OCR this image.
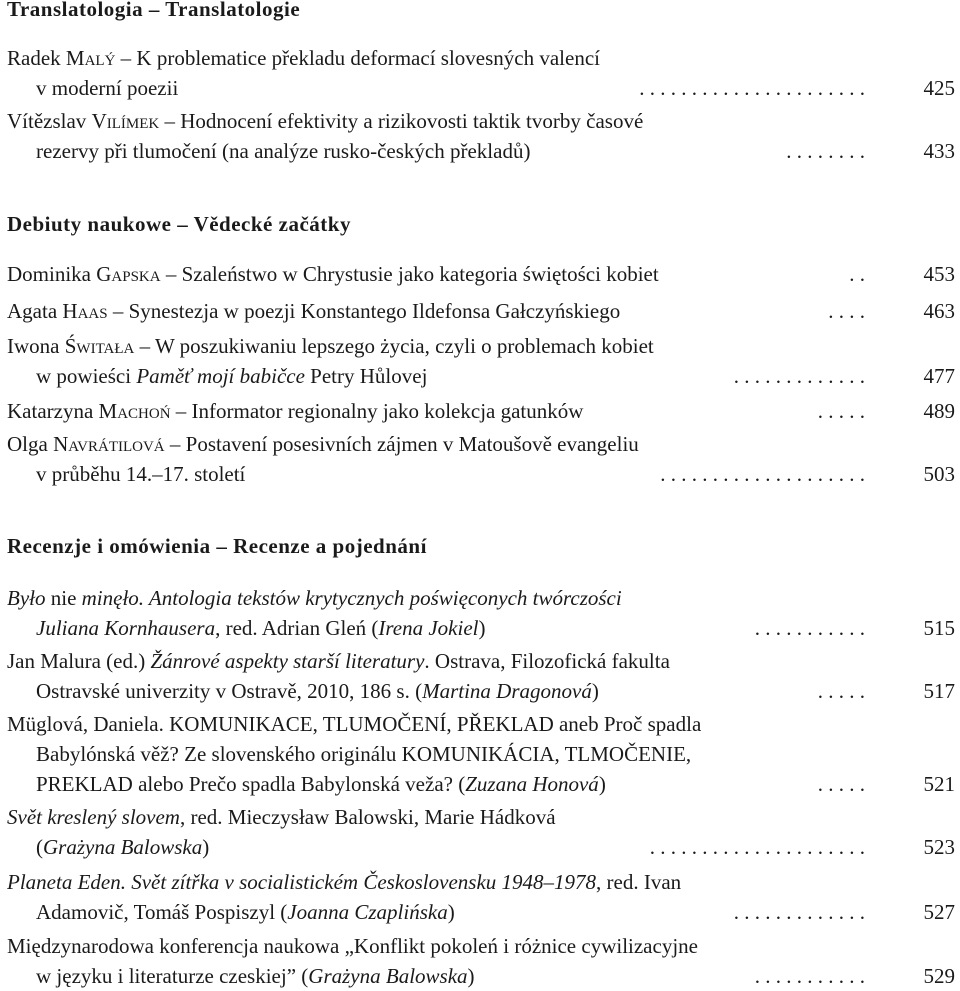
Translatologia – Translatologie
Radek Malý – K problematice překladu deformací slovesných valencí
v moderní poezii	. . . . . . . . . . . . . . . . . . . . . .	425
Vítězslav Vilímek – Hodnocení efektivity a rizikovosti taktik tvorby časové
rezervy při tlumočení (na analýze rusko-českých překladů)	. . . . . . . .	433
Debiuty naukowe – Vědecké začátky
Dominika Gapska – Szaleństwo w Chrystusie jako kategoria świętości kobiet	. .	453
Agata Haas – Synestezja w poezji Konstantego Ildefonsa Gałczyńskiego	. . . .	463
Iwona Świtała – W poszukiwaniu lepszego życia, czyli o problemach kobiet
w powieści Paměť mojí babičce Petry Hůlovej	. . . . . . . . . . . . .	477
Katarzyna Machoń – Informator regionalny jako kolekcja gatunków	. . . . .	489
Olga Navrátilová – Postavení posesivních zájmen v Matoušově evangeliu
v průběhu 14.–17. století	. . . . . . . . . . . . . . . . . . . .	503
Recenzje i omówienia – Recenze a pojednání
Było nie minęło. Antologia tekstów krytycznych poświęconych twórczości
Juliana Kornhausera, red. Adrian Gleń (Irena Jokiel)	. . . . . . . . . . .	515
Jan Malura (ed.) Žánrové aspekty starší literatury. Ostrava, Filozofická fakulta
Ostravské univerzity v Ostravě, 2010, 186 s. (Martina Dragonová)	. . . . .	517
Müglová, Daniela. KOMUNIKACE, TLUMOČENÍ, PŘEKLAD aneb Proč spadla
Babylónská věž? Ze slovenského originálu KOMUNIKÁCIA, TLMOČENIE,
PREKLAD alebo Prečo spadla Babylonská veža? (Zuzana Honová)	. . . . .	521
Svět kreslený slovem, red. Mieczysław Balowski, Marie Hádková
(Grażyna Balowska)	. . . . . . . . . . . . . . . . . . . . .	523
Planeta Eden. Svět zítřka v socialistickém Československu 1948–1978, red. Ivan
Adamovič, Tomáš Pospiszyl (Joanna Czaplińska)	. . . . . . . . . . . . .	527
Międzynarodowa konferencja naukowa „Konflikt pokoleń i różnice cywilizacyjne
w języku i literaturze czeskiej” (Grażyna Balowska)	. . . . . . . . . . .	529
